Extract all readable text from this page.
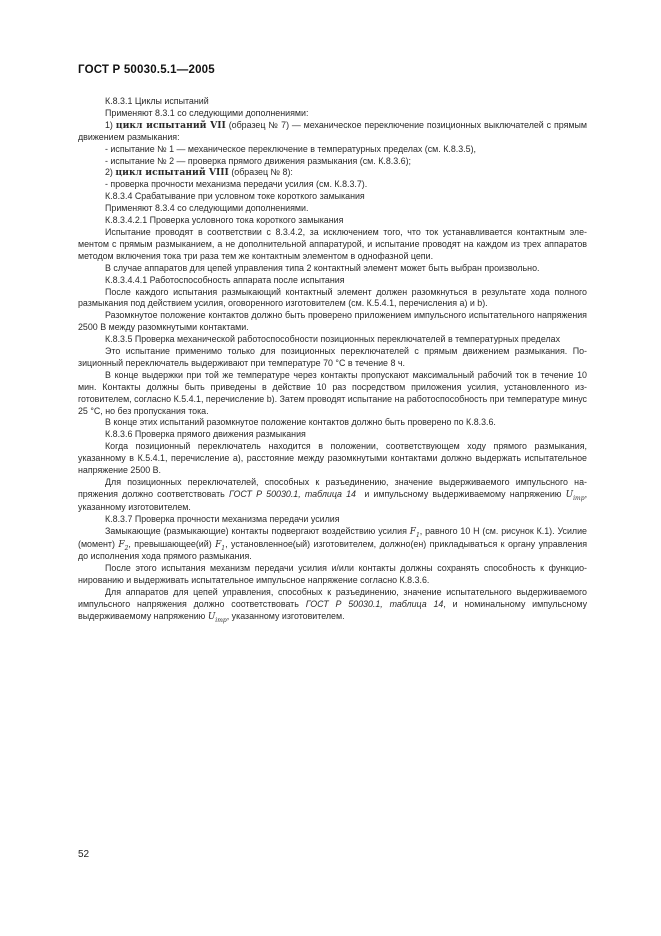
ГОСТ Р 50030.5.1—2005

К.8.3.1 Циклы испытаний

Применяют 8.3.1 со следующими дополнениями:

1) цикл испытаний VII (образец № 7) — механическое переключение позиционных выключателей с прямым движением размыкания:

- испытание № 1 — механическое переключение в температурных пределах (см. К.8.3.5),

- испытание № 2 — проверка прямого движения размыкания (см. К.8.3.6);

2) цикл испытаний VIII (образец № 8):

- проверка прочности механизма передачи усилия (см. К.8.3.7).

К.8.3.4 Срабатывание при условном токе короткого замыкания

Применяют 8.3.4 со следующими дополнениями.

К.8.3.4.2.1 Проверка условного тока короткого замыкания

Испытание проводят в соответствии с 8.3.4.2, за исключением того, что ток устанавливается контактным элементом с прямым размыканием, а не дополнительной аппаратурой, и испытание проводят на каждом из трех аппаратов методом включения тока три раза тем же контактным элементом в однофазной цепи.

В случае аппаратов для цепей управления типа 2 контактный элемент может быть выбран произвольно.

К.8.3.4.4.1 Работоспособность аппарата после испытания

После каждого испытания размыкающий контактный элемент должен разомкнуться в результате хода полного размыкания под действием усилия, оговоренного изготовителем (см. К.5.4.1, перечисления а) и b).

Разомкнутое положение контактов должно быть проверено приложением импульсного испытательного напряжения 2500 В между разомкнутыми контактами.

К.8.3.5 Проверка механической работоспособности позиционных переключателей в температурных пределах

Это испытание применимо только для позиционных переключателей с прямым движением размыкания. Позиционный переключатель выдерживают при температуре 70 °С в течение 8 ч.

В конце выдержки при той же температуре через контакты пропускают максимальный рабочий ток в течение 10 мин. Контакты должны быть приведены в действие 10 раз посредством приложения усилия, установленного изготовителем, согласно К.5.4.1, перечисление b). Затем проводят испытание на работоспособность при температуре минус 25 °С, но без пропускания тока.

В конце этих испытаний разомкнутое положение контактов должно быть проверено по К.8.3.6.

К.8.3.6 Проверка прямого движения размыкания

Когда позиционный переключатель находится в положении, соответствующем ходу прямого размыкания, указанному в К.5.4.1, перечисление а), расстояние между разомкнутыми контактами должно выдержать испытательное напряжение 2500 В.

Для позиционных переключателей, способных к разъединению, значение выдерживаемого импульсного напряжения должно соответствовать ГОСТ Р 50030.1, таблица 14 и импульсному выдерживаемому напряжению $U_{imp}$, указанному изготовителем.

К.8.3.7 Проверка прочности механизма передачи усилия

Замыкающие (размыкающие) контакты подвергают воздействию усилия $F_1$, равного 10 Н (см. рисунок К.1). Усилие (момент) $F_2$, превышающее(ий) $F_1$, установленное(ый) изготовителем, должно(ен) прикладываться к органу управления до исполнения хода прямого размыкания.

После этого испытания механизм передачи усилия и/или контакты должны сохранять способность к функционированию и выдерживать испытательное импульсное напряжение согласно К.8.3.6.

Для аппаратов для цепей управления, способных к разъединению, значение испытательного выдерживаемого импульсного напряжения должно соответствовать ГОСТ Р 50030.1, таблица 14, и номинальному импульсному выдерживаемому напряжению $U_{imp}$, указанному изготовителем.

52
